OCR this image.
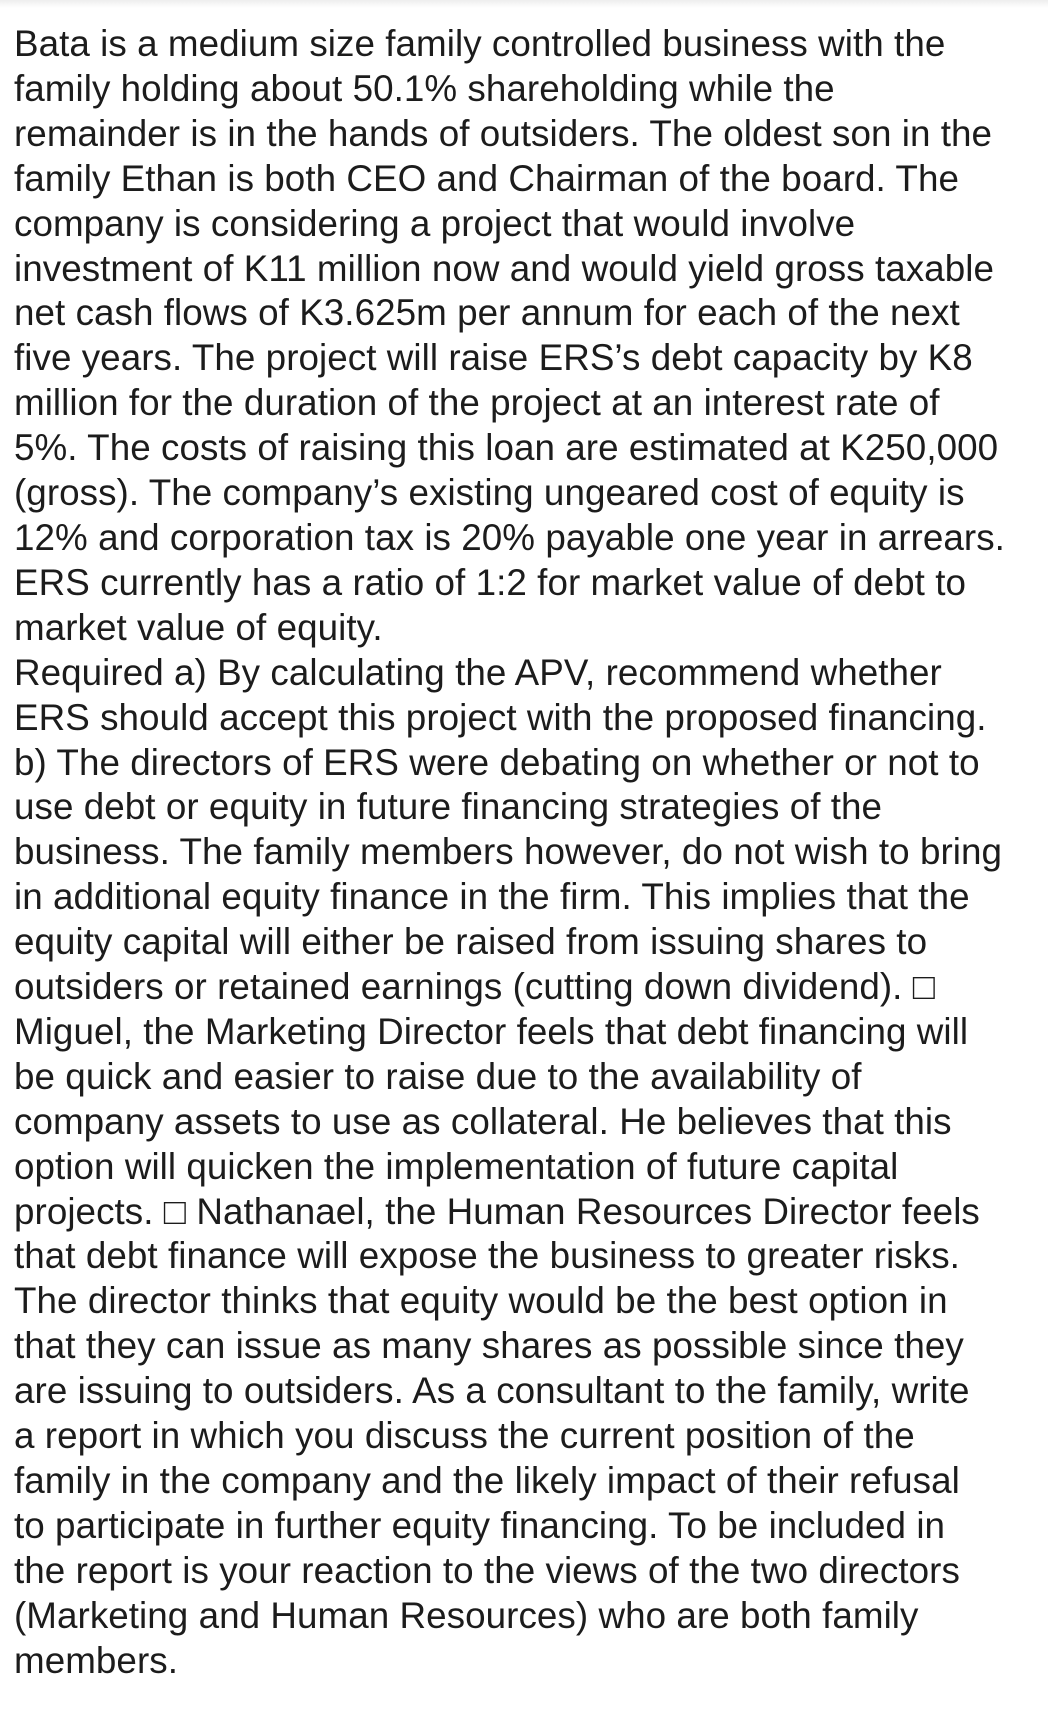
Bata is a medium size family controlled business with the
family holding about 50.1% shareholding while the
remainder is in the hands of outsiders. The oldest son in the
family Ethan is both CEO and Chairman of the board. The
company is considering a project that would involve
investment of K11 million now and would yield gross taxable
net cash flows of K3.625m per annum for each of the next
five years. The project will raise ERS’s debt capacity by K8
million for the duration of the project at an interest rate of
5%. The costs of raising this loan are estimated at K250,000
(gross). The company’s existing ungeared cost of equity is
12% and corporation tax is 20% payable one year in arrears.
ERS currently has a ratio of 1:2 for market value of debt to
market value of equity.

Required a) By calculating the APV, recommend whether
ERS should accept this project with the proposed financing.
b) The directors of ERS were debating on whether or not to
use debt or equity in future financing strategies of the
business. The family members however, do not wish to bring
in additional equity finance in the firm. This implies that the
equity capital will either be raised from issuing shares to
outsiders or retained earnings (cutting down dividend). □
Miguel, the Marketing Director feels that debt financing will
be quick and easier to raise due to the availability of
company assets to use as collateral. He believes that this
option will quicken the implementation of future capital
projects. □ Nathanael, the Human Resources Director feels
that debt finance will expose the business to greater risks.
The director thinks that equity would be the best option in
that they can issue as many shares as possible since they
are issuing to outsiders. As a consultant to the family, write
a report in which you discuss the current position of the
family in the company and the likely impact of their refusal
to participate in further equity financing. To be included in
the report is your reaction to the views of the two directors
(Marketing and Human Resources) who are both family
members.
